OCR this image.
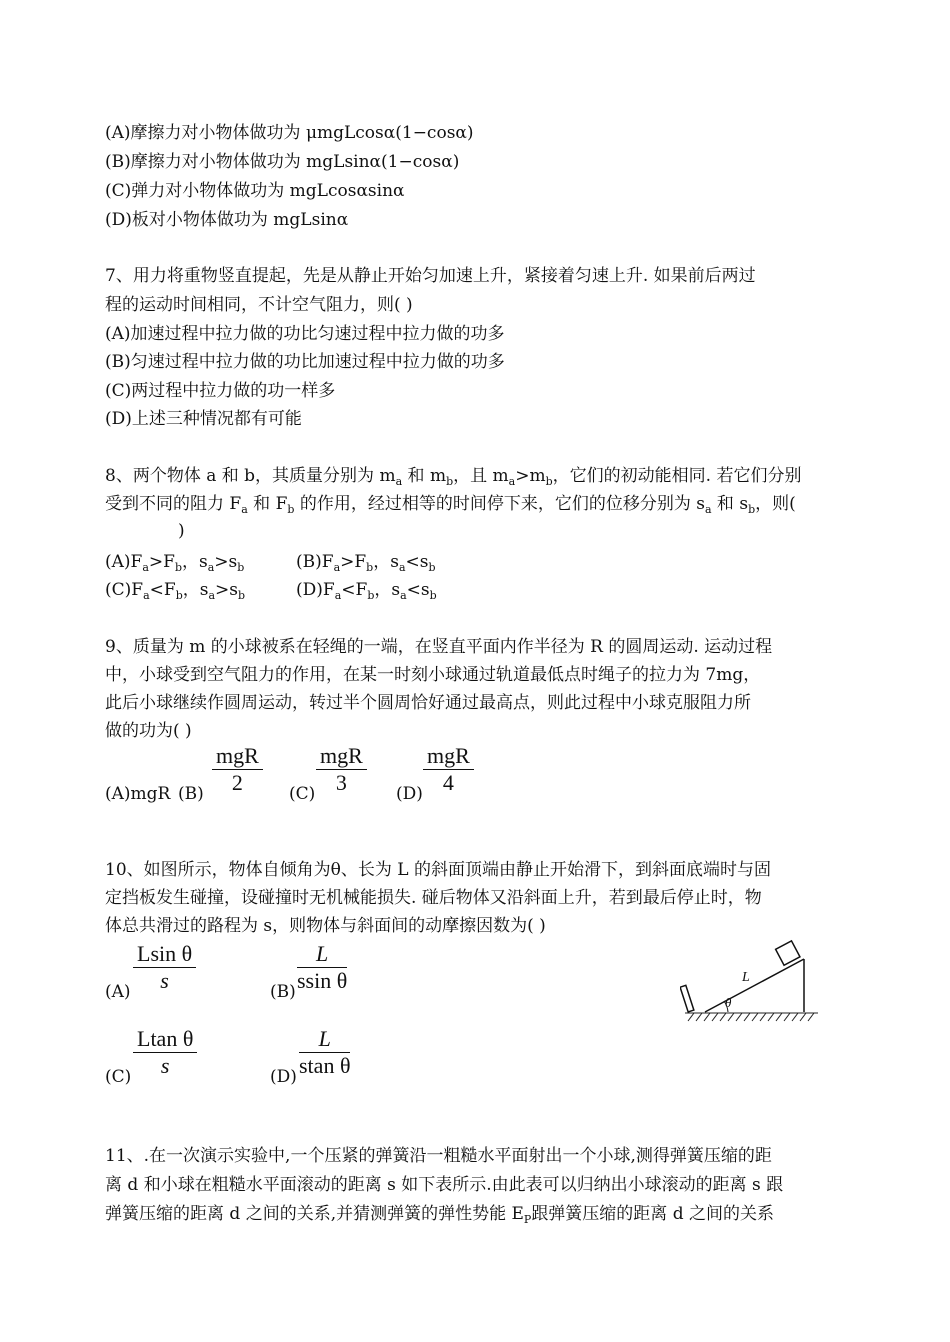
(A)摩擦力对小物体做功为 μmgLcosα(1−cosα)
(B)摩擦力对小物体做功为 mgLsinα(1−cosα)
(C)弹力对小物体做功为 mgLcosαsinα
(D)板对小物体做功为 mgLsinα
7、用力将重物竖直提起，先是从静止开始匀加速上升，紧接着匀速上升. 如果前后两过
程的运动时间相同，不计空气阻力，则( )
(A)加速过程中拉力做的功比匀速过程中拉力做的功多
(B)匀速过程中拉力做的功比加速过程中拉力做的功多
(C)两过程中拉力做的功一样多
(D)上述三种情况都有可能
8、两个物体 a 和 b，其质量分别为 $m_a$ 和 $m_b$，且 $m_a>m_b$，它们的初动能相同. 若它们分别
受到不同的阻力 $F_a$ 和 $F_b$ 的作用，经过相等的时间停下来，它们的位移分别为 $s_a$ 和 $s_b$，则(
)
$(A)F_a>F_b$，$s_a>s_b$	$(B)F_a>F_b$，$s_a<s_b$
$(C)F_a<F_b$，$s_a>s_b$	$(D)F_a<F_b$，$s_a<s_b$
9、质量为 m 的小球被系在轻绳的一端，在竖直平面内作半径为 R 的圆周运动. 运动过程
中，小球受到空气阻力的作用，在某一时刻小球通过轨道最低点时绳子的拉力为 7mg，
此后小球继续作圆周运动，转过半个圆周恰好通过最高点，则此过程中小球克服阻力所
做的功为( )
(A)mgR (B)
mgR
2	(C)
mgR
3	(D)
mgR
4
10、如图所示，物体自倾角为θ、长为 L 的斜面顶端由静止开始滑下，到斜面底端时与固
定挡板发生碰撞，设碰撞时无机械能损失. 碰后物体又沿斜面上升，若到最后停止时，物
体总共滑过的路程为 s，则物体与斜面间的动摩擦因数为( )
$(A) \frac{\text{Lsin θ}}{s}$	$(B) \frac{L}{\text{ssin θ}}$
$(C) \frac{\text{Ltan θ}}{s}$	$(D) \frac{L}{\text{stan θ}}$
L
θ
11、.在一次演示实验中,一个压紧的弹簧沿一粗糙水平面射出一个小球,测得弹簧压缩的距
离 d 和小球在粗糙水平面滚动的距离 s 如下表所示.由此表可以归纳出小球滚动的距离 s 跟
弹簧压缩的距离 d 之间的关系,并猜测弹簧的弹性势能 $E_P$跟弹簧压缩的距离 d 之间的关系
